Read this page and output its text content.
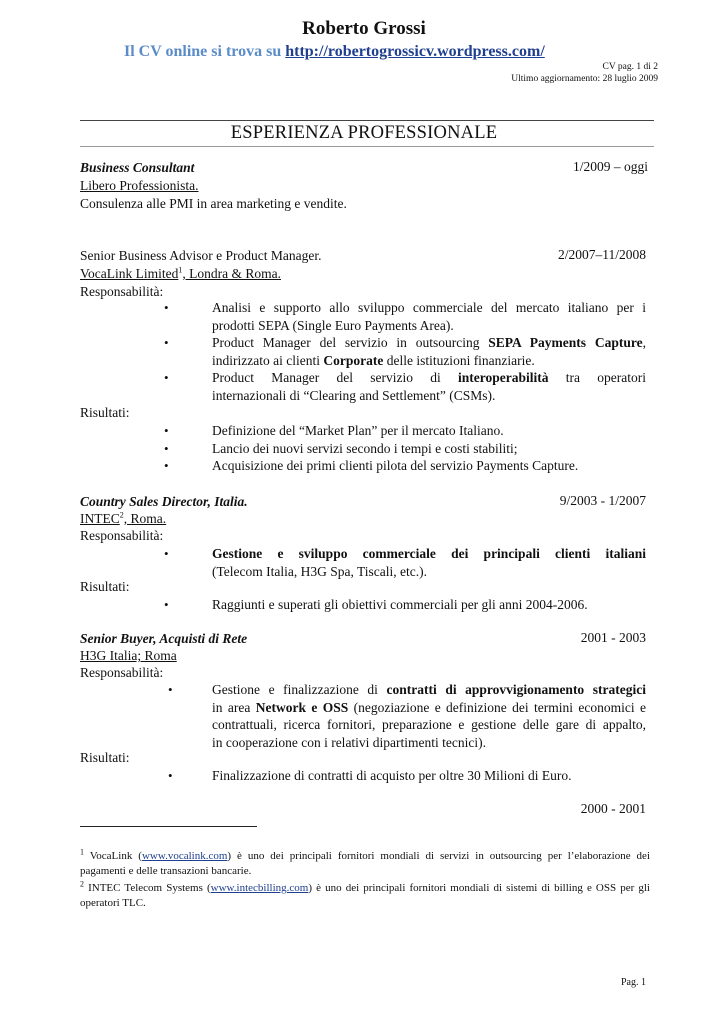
Roberto Grossi
Il CV online si trova su http://robertogrossicv.wordpress.com/
CV pag. 1 di 2
Ultimo aggiornamento: 28 luglio 2009
ESPERIENZA PROFESSIONALE
Business Consultant	1/2009 – oggi
Libero Professionista.
Consulenza alle PMI in area marketing e vendite.
Senior Business Advisor e Product Manager.	2/2007–11/2008
VocaLink Limited$^1$, Londra & Roma.
Responsabilità:
•	Analisi e supporto allo sviluppo commerciale del mercato italiano per i
prodotti SEPA (Single Euro Payments Area).
•	Product Manager del servizio in outsourcing SEPA Payments Capture,
indirizzato ai clienti Corporate delle istituzioni finanziarie.
•	Product Manager del servizio di interoperabilità tra operatori
internazionali di “Clearing and Settlement” (CSMs).
Risultati:
•	Definizione del “Market Plan” per il mercato Italiano.
•	Lancio dei nuovi servizi secondo i tempi e costi stabiliti;
•	Acquisizione dei primi clienti pilota del servizio Payments Capture.
Country Sales Director, Italia.	9/2003 - 1/2007
INTEC$^2$, Roma.
Responsabilità:
•	Gestione e sviluppo commerciale dei principali clienti italiani
(Telecom Italia, H3G Spa, Tiscali, etc.).
Risultati:
•	Raggiunti e superati gli obiettivi commerciali per gli anni 2004-2006.
Senior Buyer, Acquisti di Rete	2001 - 2003
H3G Italia; Roma
Responsabilità:
•	Gestione e finalizzazione di contratti di approvvigionamento strategici
in area Network e OSS (negoziazione e definizione dei termini economici e
contrattuali, ricerca fornitori, preparazione e gestione delle gare di appalto,
in cooperazione con i relativi dipartimenti tecnici).
Risultati:
•	Finalizzazione di contratti di acquisto per oltre 30 Milioni di Euro.
2000 - 2001
$^1$ VocaLink (www.vocalink.com) è uno dei principali fornitori mondiali di servizi in outsourcing per l’elaborazione dei pagamenti e delle transazioni bancarie.
$^2$ INTEC Telecom Systems (www.intecbilling.com) è uno dei principali fornitori mondiali di sistemi di billing e OSS per gli operatori TLC.
Pag. 1
